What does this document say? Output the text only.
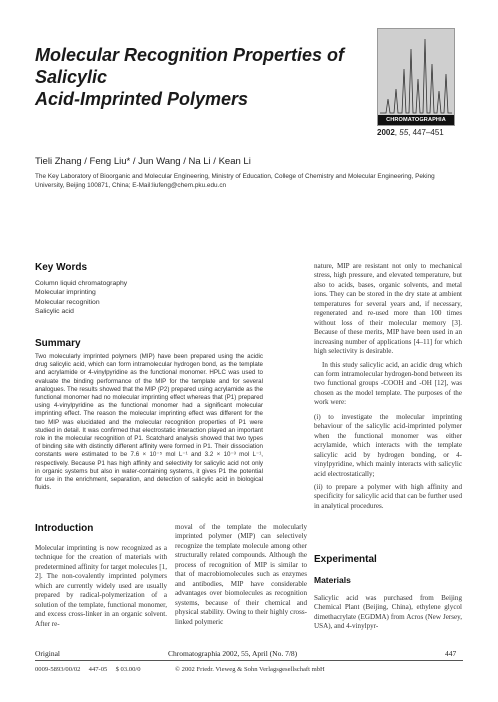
Molecular Recognition Properties of Salicylic
Acid-Imprinted Polymers
CHROMATOGRAPHIA
2002, 55, 447–451
Tieli Zhang / Feng Liu* / Jun Wang / Na Li / Kean Li
The Key Laboratory of Bioorganic and Molecular Engineering, Ministry of Education, College of Chemistry and Molecular Engineering, Peking University, Beijing 100871, China; E-Mail:liufeng@chem.pku.edu.cn
Key Words
Column liquid chromatography
Molecular imprinting
Molecular recognition
Salicylic acid
Summary
Two molecularly imprinted polymers (MIP) have been prepared using the acidic drug salicylic acid, which can form intramolecular hydrogen bond, as the template and acrylamide or 4-vinylpyridine as the functional monomer. HPLC was used to evaluate the binding performance of the MIP for the template and for several analogues. The results showed that the MIP (P2) prepared using acrylamide as the functional monomer had no molecular imprinting effect whereas that (P1) prepared using 4-vinylpyridine as the functional monomer had a significant molecular imprinting effect. The reason the molecular imprinting effect was different for the two MIP was elucidated and the molecular recognition properties of P1 were studied in detail. It was confirmed that electrostatic interaction played an important role in the molecular recognition of P1. Scatchard analysis showed that two types of binding site with distinctly different affinity were formed in P1. Their dissociation constants were estimated to be 7.6 × 10⁻⁵ mol L⁻¹ and 3.2 × 10⁻³ mol L⁻¹, respectively. Because P1 has high affinity and selectivity for salicylic acid not only in organic systems but also in water-containing systems, it gives P1 the potential for use in the enrichment, separation, and detection of salicylic acid in biological fluids.

nature, MIP are resistant not only to mechanical stress, high pressure, and elevated temperature, but also to acids, bases, organic solvents, and metal ions. They can be stored in the dry state at ambient temperatures for several years and, if necessary, regenerated and re-used more than 100 times without loss of their molecular memory [3]. Because of these merits, MIP have been used in an increasing number of applications [4–11] for which high selectivity is desirable.

In this study salicylic acid, an acidic drug which can form intramolecular hydrogen-bond between its two functional groups -COOH and -OH [12], was chosen as the model template. The purposes of the work were:

(i) to investigate the molecular imprinting behaviour of the salicylic acid-imprinted polymer when the functional monomer was either acrylamide, which interacts with the template salicylic acid by hydrogen bonding, or 4-vinylpyridine, which mainly interacts with salicylic acid electrostatically;

(ii) to prepare a polymer with high affinity and specificity for salicylic acid that can be further used in analytical procedures.

Introduction
Molecular imprinting is now recognized as a technique for the creation of materials with predetermined affinity for target molecules [1, 2]. The non-covalently imprinted polymers which are currently widely used are usually prepared by radical-polymerization of a solution of the template, functional monomer, and excess cross-linker in an organic solvent. After re-
moval of the template the molecularly imprinted polymer (MIP) can selectively recognize the template molecule among other structurally related compounds. Although the process of recognition of MIP is similar to that of macrobiomolecules such as enzymes and antibodies, MIP have considerable advantages over biomolecules as recognition systems, because of their chemical and physical stability. Owing to their highly cross-linked polymeric
Experimental
Materials
Salicylic acid was purchased from Beijing Chemical Plant (Beijing, China), ethylene glycol dimethacrylate (EGDMA) from Acros (New Jersey, USA), and 4-vinylpyr-
Original	Chromatographia 2002, 55, April (No. 7/8)	447
0009-5893/00/02     447-05     $ 03.00/0	© 2002 Friedr. Vieweg & Sohn Verlagsgesellschaft mbH
